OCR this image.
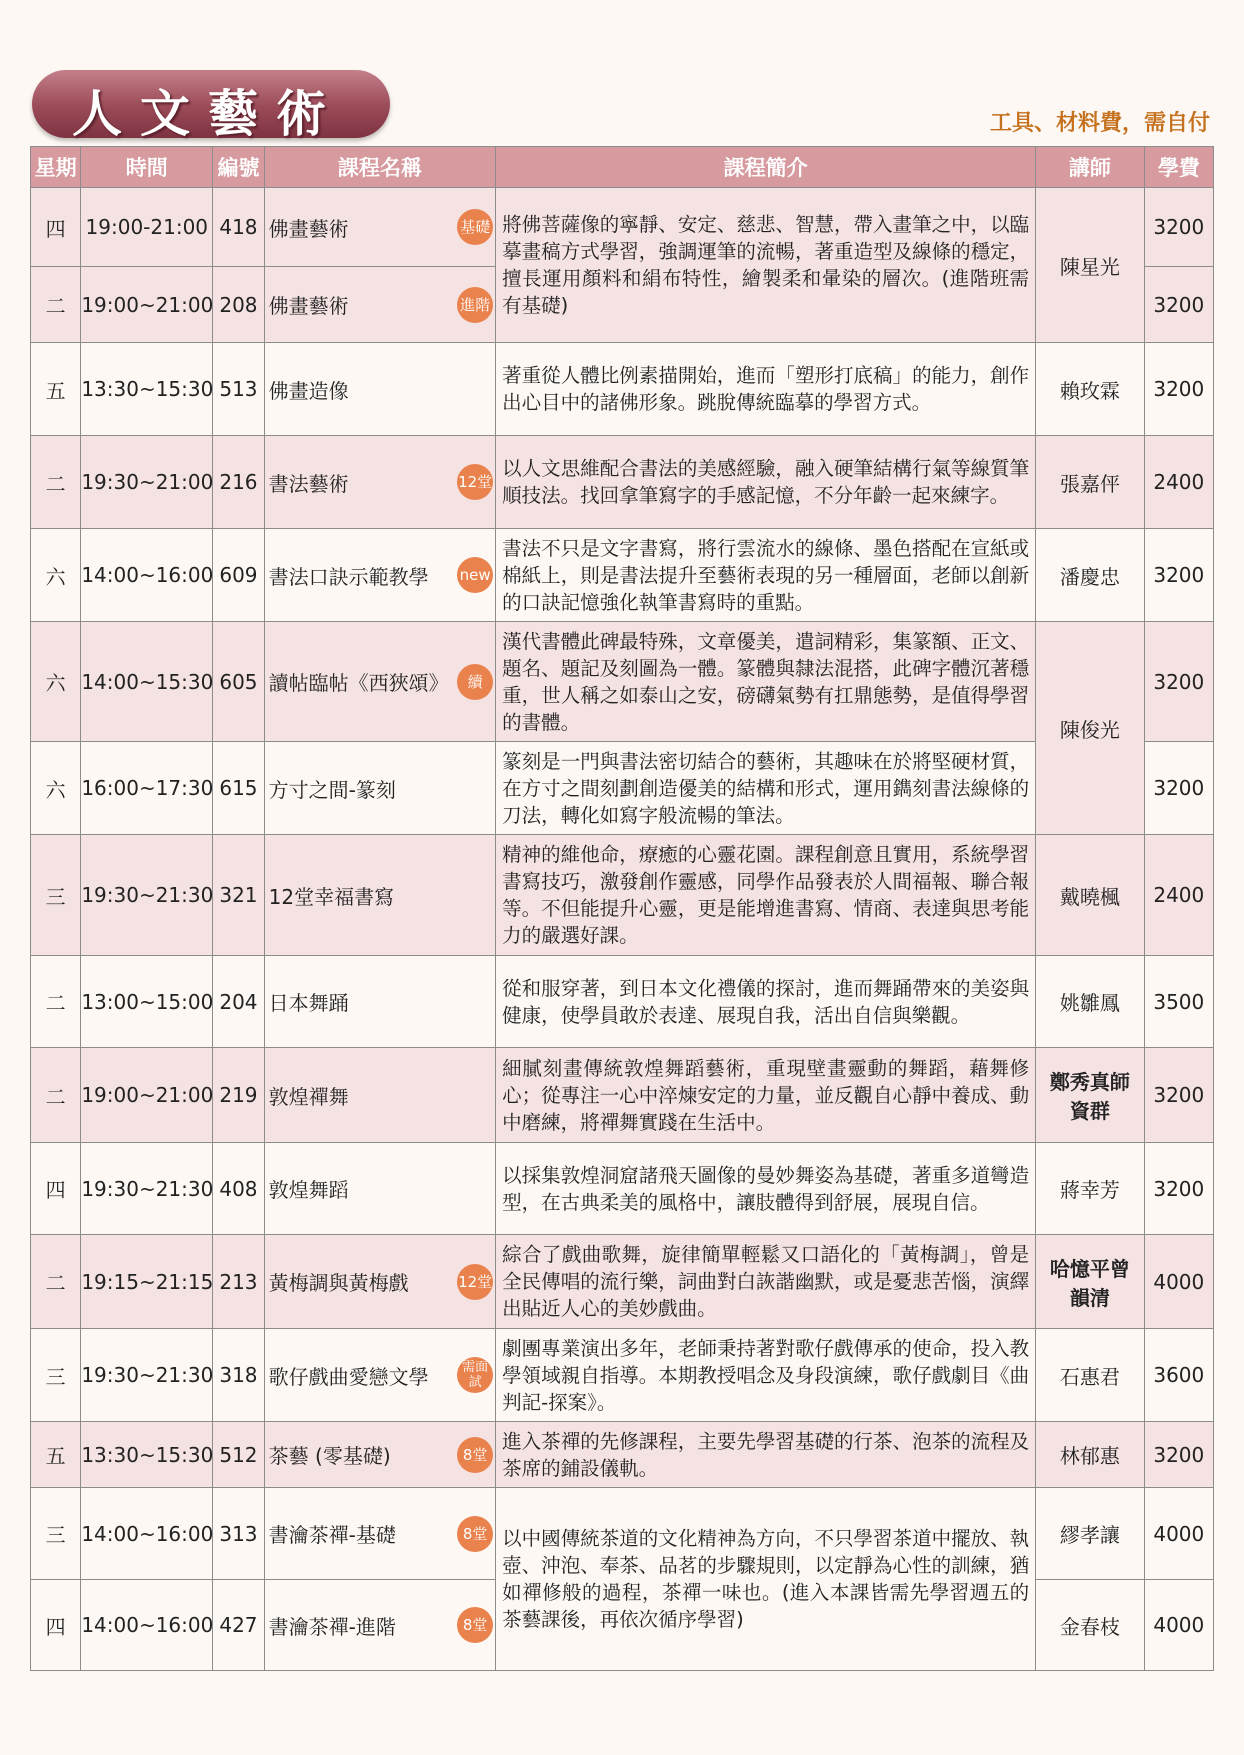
人文藝術	工具、材料費，需自付
星期	時間	編號	課程名稱	課程簡介	講師	學費
四	19:00-21:00	418	佛畫藝術 基礎	將佛菩薩像的寧靜、安定、慈悲、智慧，帶入畫筆之中，以臨摹畫稿方式學習，強調運筆的流暢，著重造型及線條的穩定，擅長運用顏料和絹布特性，繪製柔和暈染的層次。(進階班需有基礎)	陳星光	3200
二	19:00~21:00	208	佛畫藝術 進階			3200
五	13:30~15:30	513	佛畫造像	著重從人體比例素描開始，進而「塑形打底稿」的能力，創作出心目中的諸佛形象。跳脫傳統臨摹的學習方式。	賴玫霖	3200
二	19:30~21:00	216	書法藝術 12堂	以人文思維配合書法的美感經驗，融入硬筆結構行氣等線質筆順技法。找回拿筆寫字的手感記憶，不分年齡一起來練字。	張嘉伻	2400
六	14:00~16:00	609	書法口訣示範教學 new	書法不只是文字書寫，將行雲流水的線條、墨色搭配在宣紙或棉紙上，則是書法提升至藝術表現的另一種層面，老師以創新的口訣記憶強化執筆書寫時的重點。	潘慶忠	3200
六	14:00~15:30	605	讀帖臨帖《西狹頌》 續	漢代書體此碑最特殊，文章優美，遣詞精彩，集篆額、正文、題名、題記及刻圖為一體。篆體與隸法混搭，此碑字體沉著穩重，世人稱之如泰山之安，磅礴氣勢有扛鼎態勢，是值得學習的書體。	陳俊光	3200
六	16:00~17:30	615	方寸之間-篆刻	篆刻是一門與書法密切結合的藝術，其趣味在於將堅硬材質，在方寸之間刻劃創造優美的結構和形式，運用鐫刻書法線條的刀法，轉化如寫字般流暢的筆法。		3200
三	19:30~21:30	321	12堂幸福書寫	精神的維他命，療癒的心靈花園。課程創意且實用，系統學習書寫技巧，激發創作靈感，同學作品發表於人間福報、聯合報等。不但能提升心靈，更是能增進書寫、情商、表達與思考能力的嚴選好課。	戴曉楓	2400
二	13:00~15:00	204	日本舞踊	從和服穿著，到日本文化禮儀的探討，進而舞踊帶來的美姿與健康，使學員敢於表達、展現自我，活出自信與樂觀。	姚雛鳳	3500
二	19:00~21:00	219	敦煌禪舞	細膩刻畫傳統敦煌舞蹈藝術，重現壁畫靈動的舞蹈，藉舞修心；從專注一心中淬煉安定的力量，並反觀自心靜中養成、動中磨練，將禪舞實踐在生活中。	鄭秀真師資群	3200
四	19:30~21:30	408	敦煌舞蹈	以採集敦煌洞窟諸飛天圖像的曼妙舞姿為基礎，著重多道彎造型，在古典柔美的風格中，讓肢體得到舒展，展現自信。	蔣幸芳	3200
二	19:15~21:15	213	黃梅調與黃梅戲 12堂	綜合了戲曲歌舞，旋律簡單輕鬆又口語化的「黃梅調」，曾是全民傳唱的流行樂，詞曲對白詼諧幽默，或是憂悲苦惱，演繹出貼近人心的美妙戲曲。	哈憶平曾韻清	4000
三	19:30~21:30	318	歌仔戲曲愛戀文學 需面試	劇團專業演出多年，老師秉持著對歌仔戲傳承的使命，投入教學領域親自指導。本期教授唱念及身段演練，歌仔戲劇目《曲判記-探案》。	石惠君	3600
五	13:30~15:30	512	茶藝 (零基礎) 8堂	進入茶禪的先修課程，主要先學習基礎的行茶、泡茶的流程及茶席的鋪設儀軌。	林郁惠	3200
三	14:00~16:00	313	書瀹茶禪-基礎 8堂	以中國傳統茶道的文化精神為方向，不只學習茶道中擺放、執壺、沖泡、奉茶、品茗的步驟規則，以定靜為心性的訓練，猶如禪修般的過程，茶禪一味也。(進入本課皆需先學習週五的茶藝課後，再依次循序學習)	繆孝讓	4000
四	14:00~16:00	427	書瀹茶禪-進階 8堂		金春枝	4000
